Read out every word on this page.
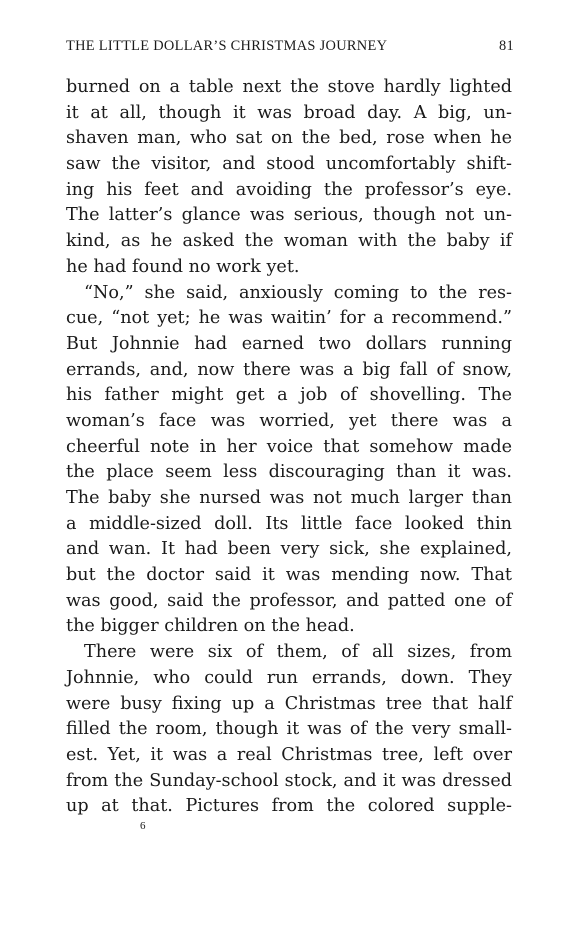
THE LITTLE DOLLAR’S CHRISTMAS JOURNEY	81
burned on a table next the stove hardly lighted
it at all, though it was broad day. A big, un-
shaven man, who sat on the bed, rose when he
saw the visitor, and stood uncomfortably shift-
ing his feet and avoiding the professor’s eye.
The latter’s glance was serious, though not un-
kind, as he asked the woman with the baby if
he had found no work yet.
“No,” she said, anxiously coming to the res-
cue, “not yet; he was waitin’ for a recommend.”
But Johnnie had earned two dollars running
errands, and, now there was a big fall of snow,
his father might get a job of shovelling. The
woman’s face was worried, yet there was a
cheerful note in her voice that somehow made
the place seem less discouraging than it was.
The baby she nursed was not much larger than
a middle-sized doll. Its little face looked thin
and wan. It had been very sick, she explained,
but the doctor said it was mending now. That
was good, said the professor, and patted one of
the bigger children on the head.
There were six of them, of all sizes, from
Johnnie, who could run errands, down. They
were busy fixing up a Christmas tree that half
filled the room, though it was of the very small-
est. Yet, it was a real Christmas tree, left over
from the Sunday-school stock, and it was dressed
up at that. Pictures from the colored supple-
6
